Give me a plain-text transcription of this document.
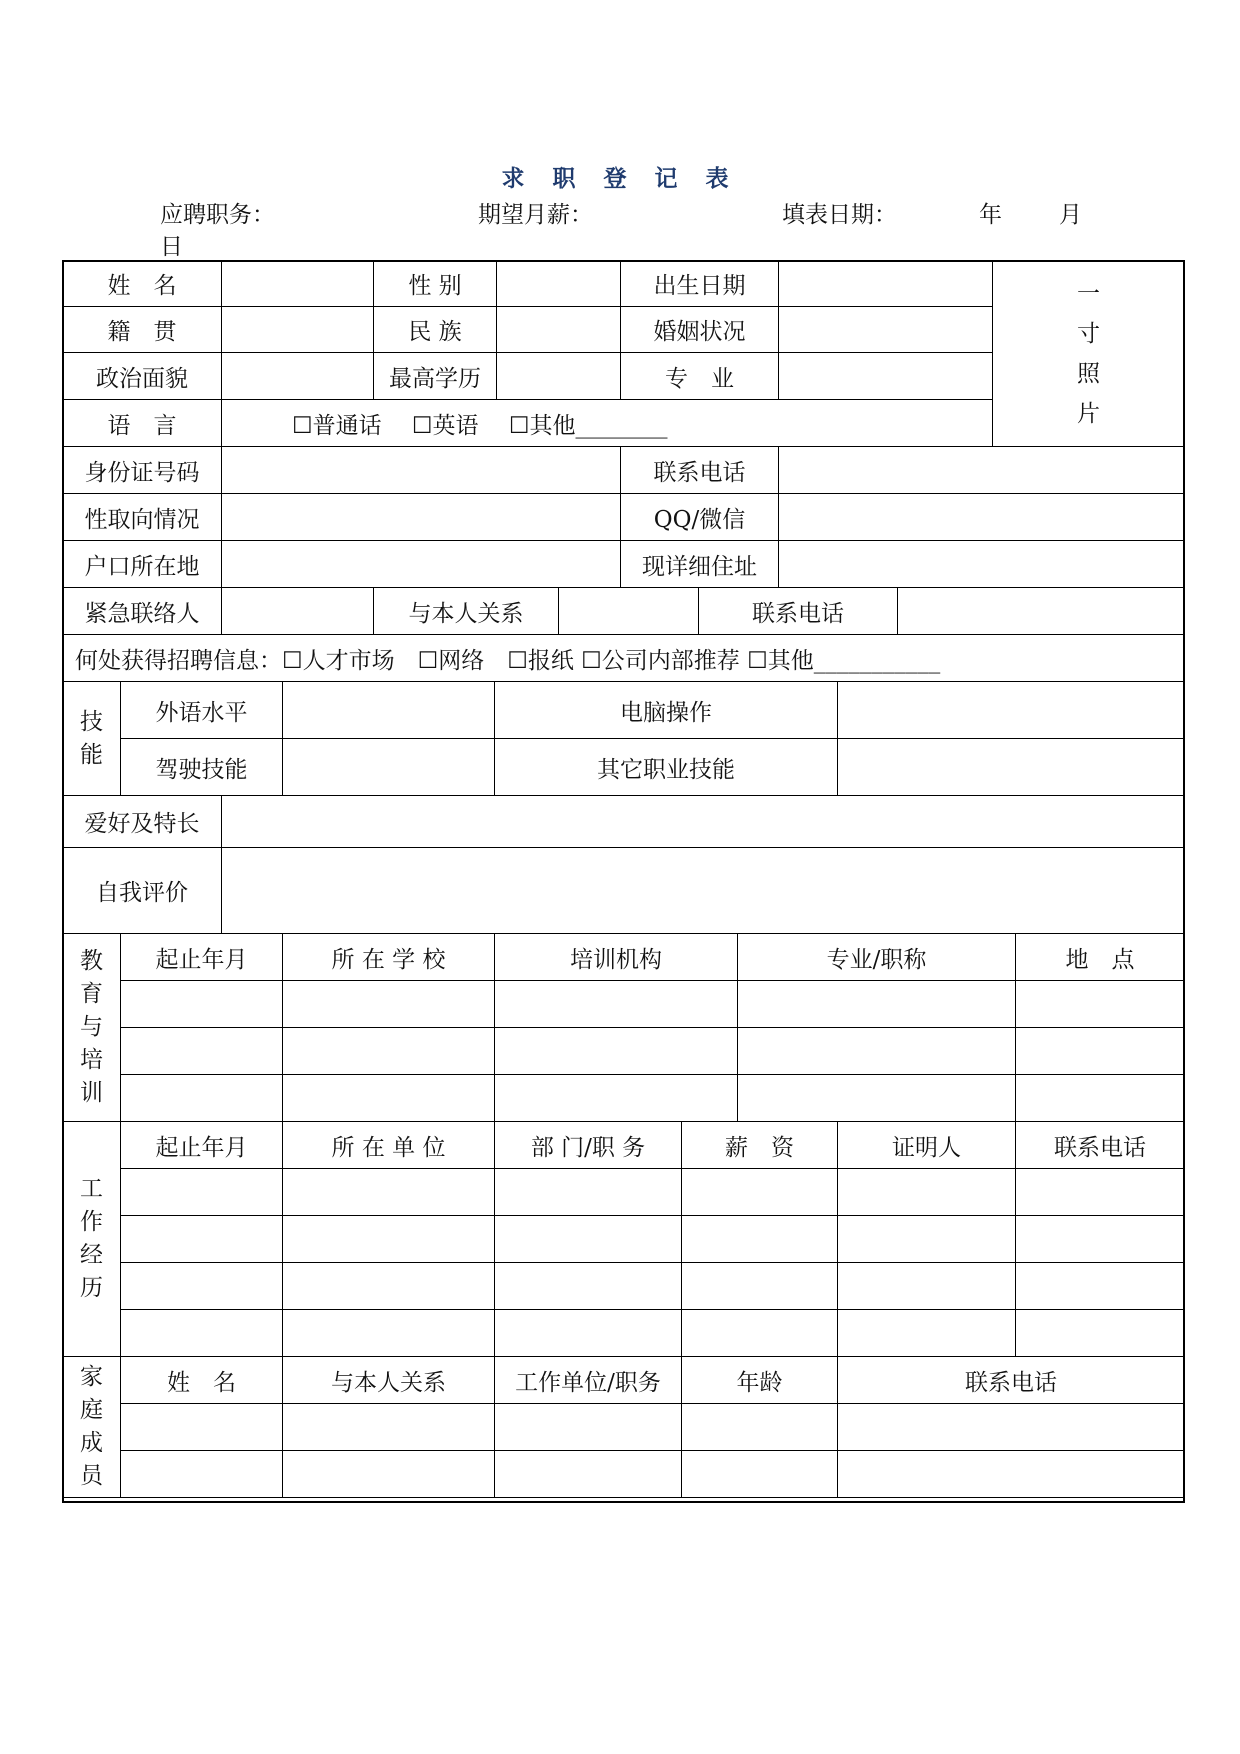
求 职 登 记 表
应聘职务：	期望月薪：	填表日期：	年 月
日
姓　名		性 别		出生日期		一寸照片

籍　贯		民 族		婚姻状况		
政治面貌		最高学历		专　业		
语　言	☐普通话　 ☐英语　 ☐其他________					
身份证号码		联系电话	
性取向情况		QQ/微信	
户口所在地		现详细住址	
紧急联络人		与本人关系		联系电话	
何处获得招聘信息：☐人才市场　☐网络　☐报纸 ☐公司内部推荐 ☐其他___________
技能	外语水平		电脑操作	
	驾驶技能		其它职业技能	
爱好及特长	
自我评价	
教育与培训	起止年月	所 在 学 校	培训机构	专业/职称	地　点

工作经历	起止年月	所 在 单 位	部 门/职 务	薪　资	证明人	联系电话

家庭成员	姓　名	与本人关系	工作单位/职务	年龄	联系电话
